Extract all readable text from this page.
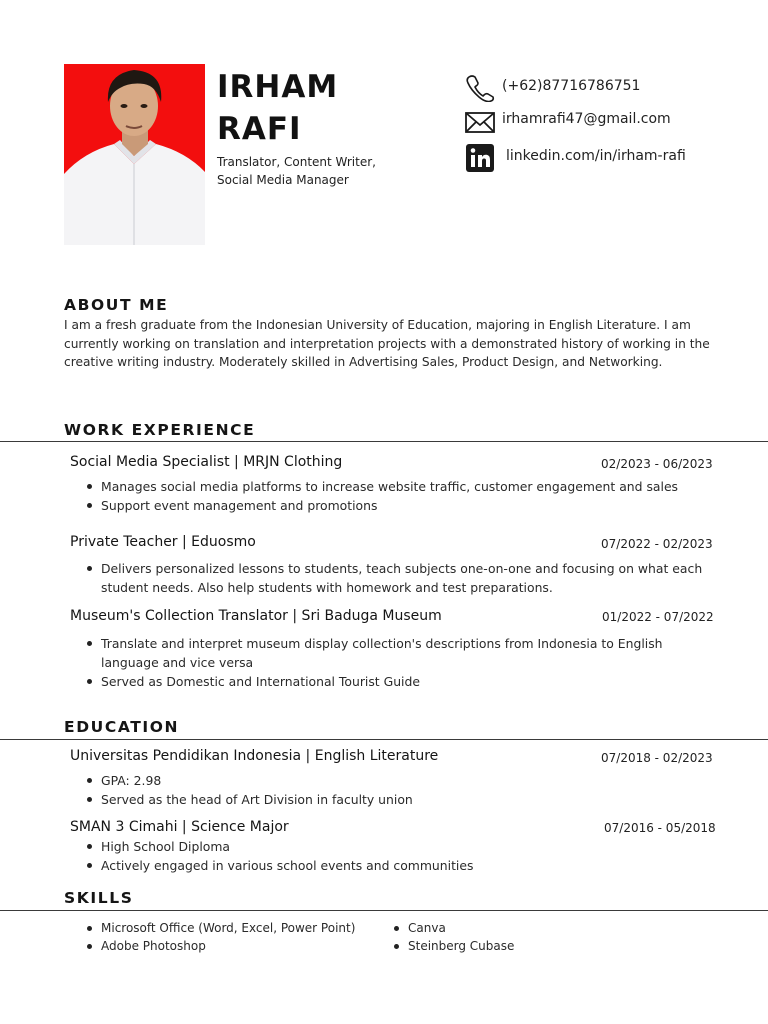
IRHAM
RAFI
Translator, Content Writer,
Social Media Manager
(+62)87716786751
irhamrafi47@gmail.com
linkedin.com/in/irham-rafi
ABOUT ME
I am a fresh graduate from the Indonesian University of Education, majoring in English Literature. I am currently working on translation and interpretation projects with a demonstrated history of working in the creative writing industry. Moderately skilled in Advertising Sales, Product Design, and Networking.
WORK EXPERIENCE
Social Media Specialist | MRJN Clothing	02/2023 - 06/2023
Manages social media platforms to increase website traffic, customer engagement and sales
Support event management and promotions
Private Teacher | Eduosmo	07/2022 - 02/2023
Delivers personalized lessons to students, teach subjects one-on-one and focusing on what each student needs. Also help students with homework and test preparations.
Museum's Collection Translator | Sri Baduga Museum	01/2022 - 07/2022
Translate and interpret museum display collection's descriptions from Indonesia to English language and vice versa
Served as Domestic and International Tourist Guide
EDUCATION
Universitas Pendidikan Indonesia | English Literature	07/2018 - 02/2023
GPA: 2.98
Served as the head of Art Division in faculty union
SMAN 3 Cimahi | Science Major	07/2016 - 05/2018
High School Diploma
Actively engaged in various school events and communities
SKILLS
Microsoft Office (Word, Excel, Power Point)
Adobe Photoshop
Canva
Steinberg Cubase
